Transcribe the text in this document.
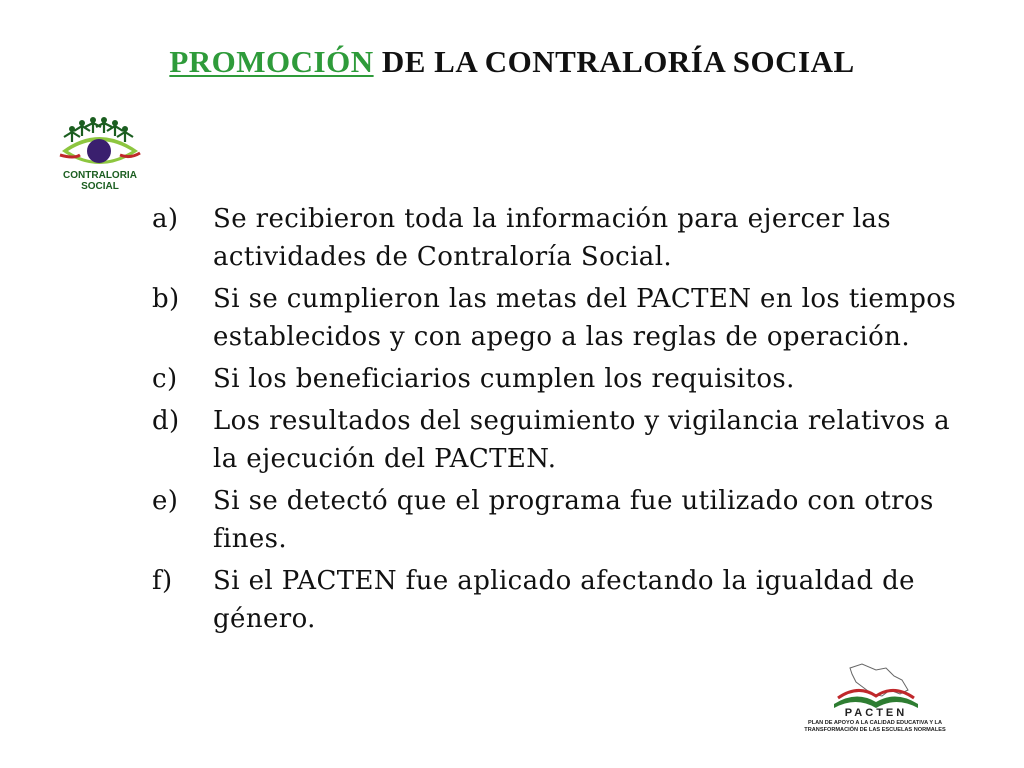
PROMOCIÓN DE LA CONTRALORÍA SOCIAL
CONTRALORIA
SOCIAL
a) Se recibieron toda la información para ejercer las actividades de Contraloría Social.
b) Si se cumplieron las metas del PACTEN en los tiempos establecidos y con apego a las reglas de operación.
c) Si los beneficiarios cumplen los requisitos.
d) Los resultados del seguimiento y vigilancia relativos a la ejecución del PACTEN.
e) Si se detectó que el programa fue utilizado con otros fines.
f) Si el PACTEN fue aplicado afectando la igualdad de género.
PACTEN
PLAN DE APOYO A LA CALIDAD EDUCATIVA Y LA
TRANSFORMACIÓN DE LAS ESCUELAS NORMALES
